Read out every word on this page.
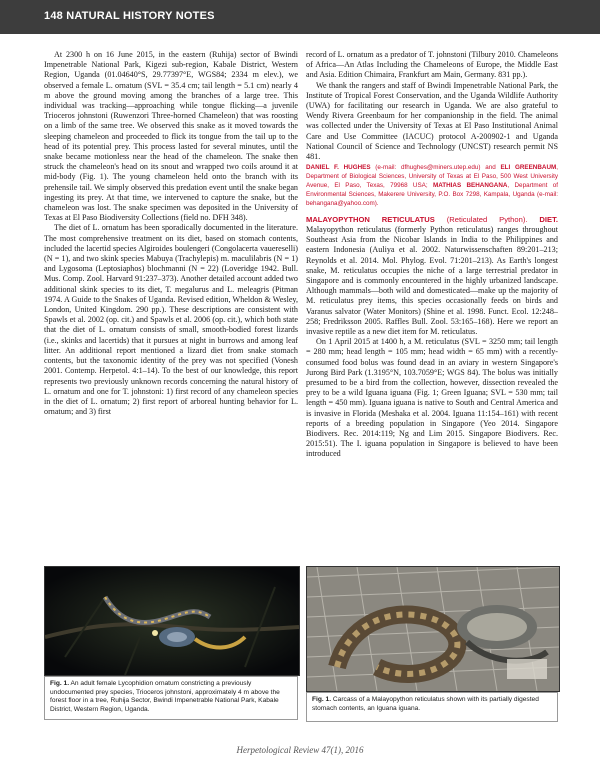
148 NATURAL HISTORY NOTES

At 2300 h on 16 June 2015, in the eastern (Ruhija) sector of Bwindi Impenetrable National Park, Kigezi sub-region, Kabale District, Western Region, Uganda (01.04640°S, 29.77397°E, WGS84; 2334 m elev.), we observed a female L. ornatum (SVL = 35.4 cm; tail length = 5.1 cm) nearly 4 m above the ground moving among the branches of a large tree. This individual was tracking—approaching while tongue flicking—a juvenile Trioceros johnstoni (Ruwenzori Three-horned Chameleon) that was roosting on a limb of the same tree. We observed this snake as it moved towards the sleeping chameleon and proceeded to flick its tongue from the tail up to the head of its potential prey. This process lasted for several minutes, until the snake became motionless near the head of the chameleon. The snake then struck the chameleon's head on its snout and wrapped two coils around it at mid-body (Fig. 1). The young chameleon held onto the branch with its prehensile tail. We simply observed this predation event until the snake began ingesting its prey. At that time, we intervened to capture the snake, but the chameleon was lost. The snake specimen was deposited in the University of Texas at El Paso Biodiversity Collections (field no. DFH 348).

The diet of L. ornatum has been sporadically documented in the literature. The most comprehensive treatment on its diet, based on stomach contents, included the lacertid species Algiroides boulengeri (Congolacerta vauereselli) (N = 1), and two skink species Mabuya (Trachylepis) m. maculilabris (N = 1) and Lygosoma (Leptosiaphos) blochmanni (N = 22) (Loveridge 1942. Bull. Mus. Comp. Zool. Harvard 91:237–373). Another detailed account added two additional skink species to its diet, T. megalurus and L. meleagris (Pitman 1974. A Guide to the Snakes of Uganda. Revised edition, Wheldon & Wesley, London, United Kingdom. 290 pp.). These descriptions are consistent with Spawls et al. 2002 (op. cit.) and Spawls et al. 2006 (op. cit.), which both state that the diet of L. ornatum consists of small, smooth-bodied forest lizards (i.e., skinks and lacertids) that it pursues at night in burrows and among leaf litter. An additional report mentioned a lizard diet from snake stomach contents, but the taxonomic identity of the prey was not specified (Vonesh 2001. Contemp. Herpetol. 4:1–14). To the best of our knowledge, this report represents two previously unknown records concerning the natural history of L. ornatum and one for T. johnstoni: 1) first record of any chameleon species in the diet of L. ornatum; 2) first report of arboreal hunting behavior for L. ornatum; and 3) first

Fig. 1. An adult female Lycophidion ornatum constricting a previously undocumented prey species, Trioceros johnstoni, approximately 4 m above the forest floor in a tree, Ruhija Sector, Bwindi Impenetrable National Park, Kabale District, Western Region, Uganda.

record of L. ornatum as a predator of T. johnstoni (Tilbury 2010. Chameleons of Africa—An Atlas Including the Chameleons of Europe, the Middle East and Asia. Edition Chimaira, Frankfurt am Main, Germany. 831 pp.).

We thank the rangers and staff of Bwindi Impenetrable National Park, the Institute of Tropical Forest Conservation, and the Uganda Wildlife Authority (UWA) for facilitating our research in Uganda. We are also grateful to Wendy Rivera Greenbaum for her companionship in the field. The animal was collected under the University of Texas at El Paso Institutional Animal Care and Use Committee (IACUC) protocol A-200902-1 and Uganda National Council of Science and Technology (UNCST) research permit NS 481.

DANIEL F. HUGHES (e-mail: dfhughes@miners.utep.edu) and ELI GREENBAUM, Department of Biological Sciences, University of Texas at El Paso, 500 West University Avenue, El Paso, Texas, 79968 USA; MATHIAS BEHANGANA, Department of Environmental Sciences, Makerere University, P.O. Box 7298, Kampala, Uganda (e-mail: behangana@yahoo.com).

MALAYOPYTHON RETICULATUS (Reticulated Python). DIET. Malayopython reticulatus (formerly Python reticulatus) ranges throughout Southeast Asia from the Nicobar Islands in India to the Philippines and eastern Indonesia (Auliya et al. 2002. Naturwissenschaften 89:201–213; Reynolds et al. 2014. Mol. Phylog. Evol. 71:201–213). As Earth's longest snake, M. reticulatus occupies the niche of a large terrestrial predator in Singapore and is commonly encountered in the highly urbanized landscape. Although mammals—both wild and domesticated—make up the majority of M. reticulatus prey items, this species occasionally feeds on birds and Varanus salvator (Water Monitors) (Shine et al. 1998. Funct. Ecol. 12:248–258; Fredriksson 2005. Raffles Bull. Zool. 53:165–168). Here we report an invasive reptile as a new diet item for M. reticulatus.

On 1 April 2015 at 1400 h, a M. reticulatus (SVL = 3250 mm; tail length = 280 mm; head length = 105 mm; head width = 65 mm) with a recently-consumed food bolus was found dead in an aviary in western Singapore's Jurong Bird Park (1.3195°N, 103.7059°E; WGS 84). The bolus was initially presumed to be a bird from the collection, however, dissection revealed the prey to be a wild Iguana iguana (Fig. 1; Green Iguana; SVL = 530 mm; tail length = 450 mm). Iguana iguana is native to South and Central America and is invasive in Florida (Meshaka et al. 2004. Iguana 11:154–161) with recent reports of a breeding population in Singapore (Yeo 2014. Singapore Biodivers. Rec. 2014:119; Ng and Lim 2015. Singapore Biodivers. Rec. 2015:51). The I. iguana population in Singapore is believed to have been introduced

Fig. 1. Carcass of a Malayopython reticulatus shown with its partially digested stomach contents, an Iguana iguana.
Herpetological Review 47(1), 2016
